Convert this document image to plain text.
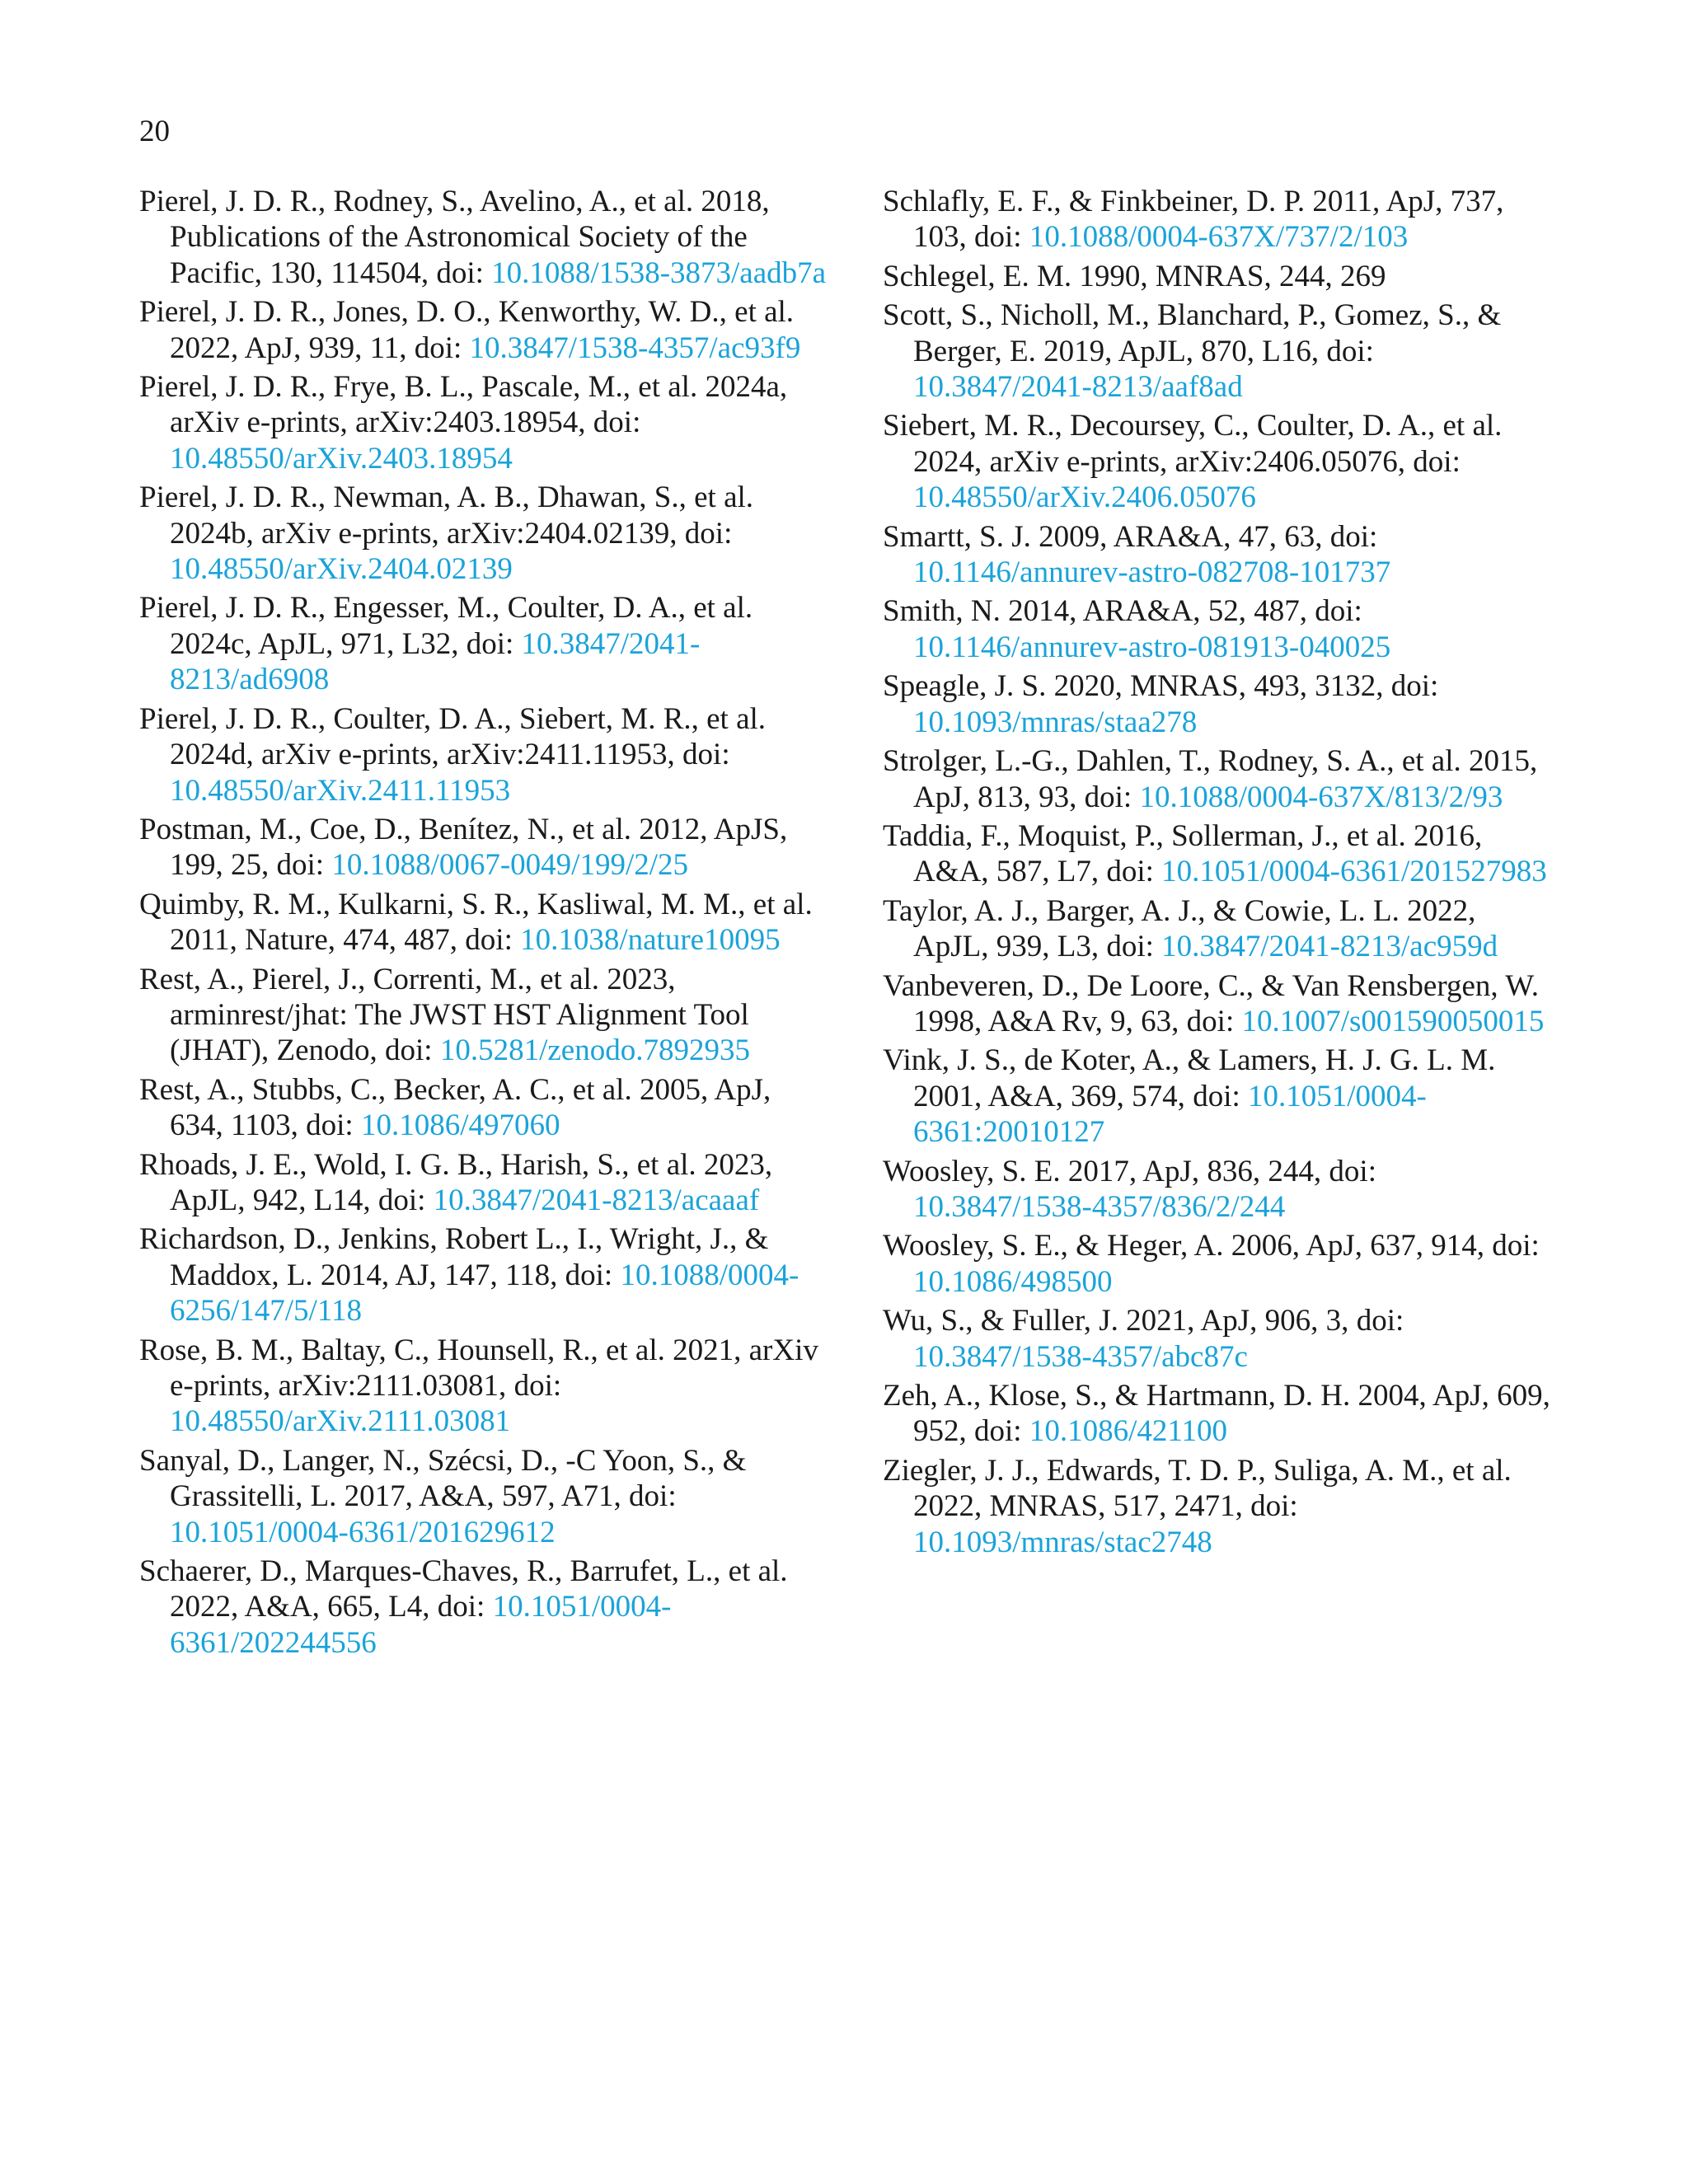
20
Pierel, J. D. R., Rodney, S., Avelino, A., et al. 2018, Publications of the Astronomical Society of the Pacific, 130, 114504, doi: 10.1088/1538-3873/aadb7a
Pierel, J. D. R., Jones, D. O., Kenworthy, W. D., et al. 2022, ApJ, 939, 11, doi: 10.3847/1538-4357/ac93f9
Pierel, J. D. R., Frye, B. L., Pascale, M., et al. 2024a, arXiv e-prints, arXiv:2403.18954, doi: 10.48550/arXiv.2403.18954
Pierel, J. D. R., Newman, A. B., Dhawan, S., et al. 2024b, arXiv e-prints, arXiv:2404.02139, doi: 10.48550/arXiv.2404.02139
Pierel, J. D. R., Engesser, M., Coulter, D. A., et al. 2024c, ApJL, 971, L32, doi: 10.3847/2041-8213/ad6908
Pierel, J. D. R., Coulter, D. A., Siebert, M. R., et al. 2024d, arXiv e-prints, arXiv:2411.11953, doi: 10.48550/arXiv.2411.11953
Postman, M., Coe, D., Benítez, N., et al. 2012, ApJS, 199, 25, doi: 10.1088/0067-0049/199/2/25
Quimby, R. M., Kulkarni, S. R., Kasliwal, M. M., et al. 2011, Nature, 474, 487, doi: 10.1038/nature10095
Rest, A., Pierel, J., Correnti, M., et al. 2023, arminrest/jhat: The JWST HST Alignment Tool (JHAT), Zenodo, doi: 10.5281/zenodo.7892935
Rest, A., Stubbs, C., Becker, A. C., et al. 2005, ApJ, 634, 1103, doi: 10.1086/497060
Rhoads, J. E., Wold, I. G. B., Harish, S., et al. 2023, ApJL, 942, L14, doi: 10.3847/2041-8213/acaaaf
Richardson, D., Jenkins, Robert L., I., Wright, J., & Maddox, L. 2014, AJ, 147, 118, doi: 10.1088/0004-6256/147/5/118
Rose, B. M., Baltay, C., Hounsell, R., et al. 2021, arXiv e-prints, arXiv:2111.03081, doi: 10.48550/arXiv.2111.03081
Sanyal, D., Langer, N., Szécsi, D., -C Yoon, S., & Grassitelli, L. 2017, A&A, 597, A71, doi: 10.1051/0004-6361/201629612
Schaerer, D., Marques-Chaves, R., Barrufet, L., et al. 2022, A&A, 665, L4, doi: 10.1051/0004-6361/202244556
Schlafly, E. F., & Finkbeiner, D. P. 2011, ApJ, 737, 103, doi: 10.1088/0004-637X/737/2/103
Schlegel, E. M. 1990, MNRAS, 244, 269
Scott, S., Nicholl, M., Blanchard, P., Gomez, S., & Berger, E. 2019, ApJL, 870, L16, doi: 10.3847/2041-8213/aaf8ad
Siebert, M. R., Decoursey, C., Coulter, D. A., et al. 2024, arXiv e-prints, arXiv:2406.05076, doi: 10.48550/arXiv.2406.05076
Smartt, S. J. 2009, ARA&A, 47, 63, doi: 10.1146/annurev-astro-082708-101737
Smith, N. 2014, ARA&A, 52, 487, doi: 10.1146/annurev-astro-081913-040025
Speagle, J. S. 2020, MNRAS, 493, 3132, doi: 10.1093/mnras/staa278
Strolger, L.-G., Dahlen, T., Rodney, S. A., et al. 2015, ApJ, 813, 93, doi: 10.1088/0004-637X/813/2/93
Taddia, F., Moquist, P., Sollerman, J., et al. 2016, A&A, 587, L7, doi: 10.1051/0004-6361/201527983
Taylor, A. J., Barger, A. J., & Cowie, L. L. 2022, ApJL, 939, L3, doi: 10.3847/2041-8213/ac959d
Vanbeveren, D., De Loore, C., & Van Rensbergen, W. 1998, A&A Rv, 9, 63, doi: 10.1007/s001590050015
Vink, J. S., de Koter, A., & Lamers, H. J. G. L. M. 2001, A&A, 369, 574, doi: 10.1051/0004-6361:20010127
Woosley, S. E. 2017, ApJ, 836, 244, doi: 10.3847/1538-4357/836/2/244
Woosley, S. E., & Heger, A. 2006, ApJ, 637, 914, doi: 10.1086/498500
Wu, S., & Fuller, J. 2021, ApJ, 906, 3, doi: 10.3847/1538-4357/abc87c
Zeh, A., Klose, S., & Hartmann, D. H. 2004, ApJ, 609, 952, doi: 10.1086/421100
Ziegler, J. J., Edwards, T. D. P., Suliga, A. M., et al. 2022, MNRAS, 517, 2471, doi: 10.1093/mnras/stac2748
